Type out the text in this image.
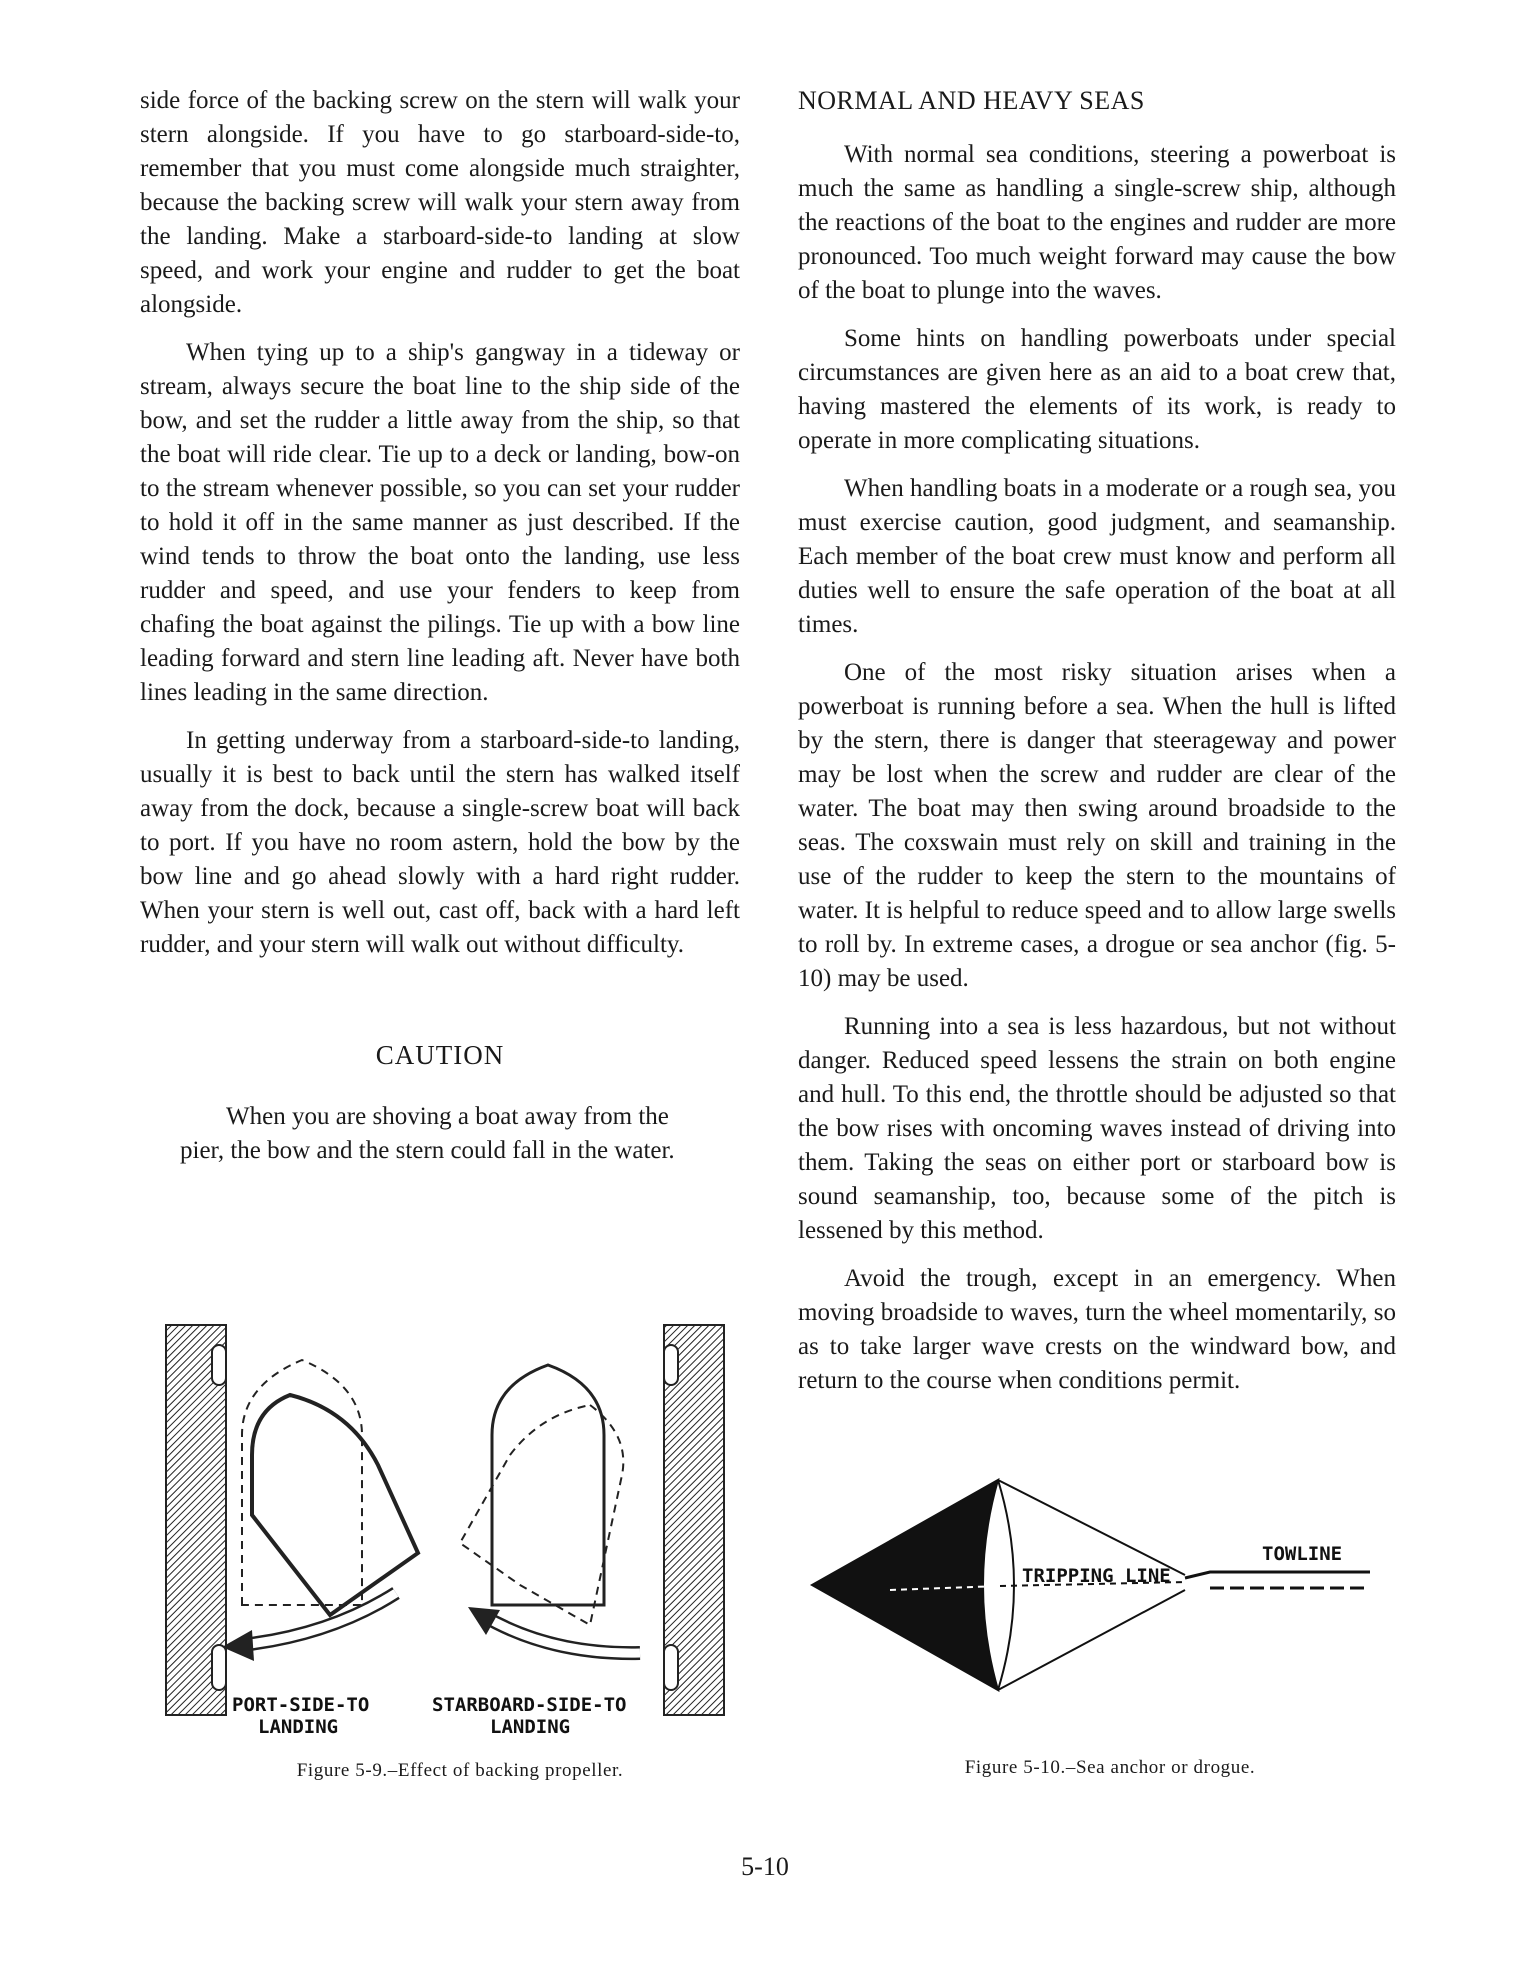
side force of the backing screw on the stern will walk your stern alongside. If you have to go starboard-side-to, remember that you must come alongside much straighter, because the backing screw will walk your stern away from the landing. Make a starboard-side-to landing at slow speed, and work your engine and rudder to get the boat alongside.

When tying up to a ship's gangway in a tideway or stream, always secure the boat line to the ship side of the bow, and set the rudder a little away from the ship, so that the boat will ride clear. Tie up to a deck or landing, bow-on to the stream whenever possible, so you can set your rudder to hold it off in the same manner as just described. If the wind tends to throw the boat onto the landing, use less rudder and speed, and use your fenders to keep from chafing the boat against the pilings. Tie up with a bow line leading forward and stern line leading aft. Never have both lines leading in the same direction.

In getting underway from a starboard-side-to landing, usually it is best to back until the stern has walked itself away from the dock, because a single-screw boat will back to port. If you have no room astern, hold the bow by the bow line and go ahead slowly with a hard right rudder. When your stern is well out, cast off, back with a hard left rudder, and your stern will walk out without difficulty.

CAUTION
When you are shoving a boat away from the pier, the bow and the stern could fall in the water.
NORMAL AND HEAVY SEAS

With normal sea conditions, steering a powerboat is much the same as handling a single-screw ship, although the reactions of the boat to the engines and rudder are more pronounced. Too much weight forward may cause the bow of the boat to plunge into the waves.

Some hints on handling powerboats under special circumstances are given here as an aid to a boat crew that, having mastered the elements of its work, is ready to operate in more complicating situations.

When handling boats in a moderate or a rough sea, you must exercise caution, good judgment, and seamanship. Each member of the boat crew must know and perform all duties well to ensure the safe operation of the boat at all times.

One of the most risky situation arises when a powerboat is running before a sea. When the hull is lifted by the stern, there is danger that steerageway and power may be lost when the screw and rudder are clear of the water. The boat may then swing around broadside to the seas. The coxswain must rely on skill and training in the use of the rudder to keep the stern to the mountains of water. It is helpful to reduce speed and to allow large swells to roll by. In extreme cases, a drogue or sea anchor (fig. 5-10) may be used.

Running into a sea is less hazardous, but not without danger. Reduced speed lessens the strain on both engine and hull. To this end, the throttle should be adjusted so that the bow rises with oncoming waves instead of driving into them. Taking the seas on either port or starboard bow is sound seamanship, too, because some of the pitch is lessened by this method.

Avoid the trough, except in an emergency. When moving broadside to waves, turn the wheel momentarily, so as to take larger wave crests on the windward bow, and return to the course when conditions permit.

PORT-SIDE-TO
LANDING
STARBOARD-SIDE-TO
LANDING
Figure 5-9.–Effect of backing propeller.
TRIPPING LINE
TOWLINE
Figure 5-10.–Sea anchor or drogue.
5-10
